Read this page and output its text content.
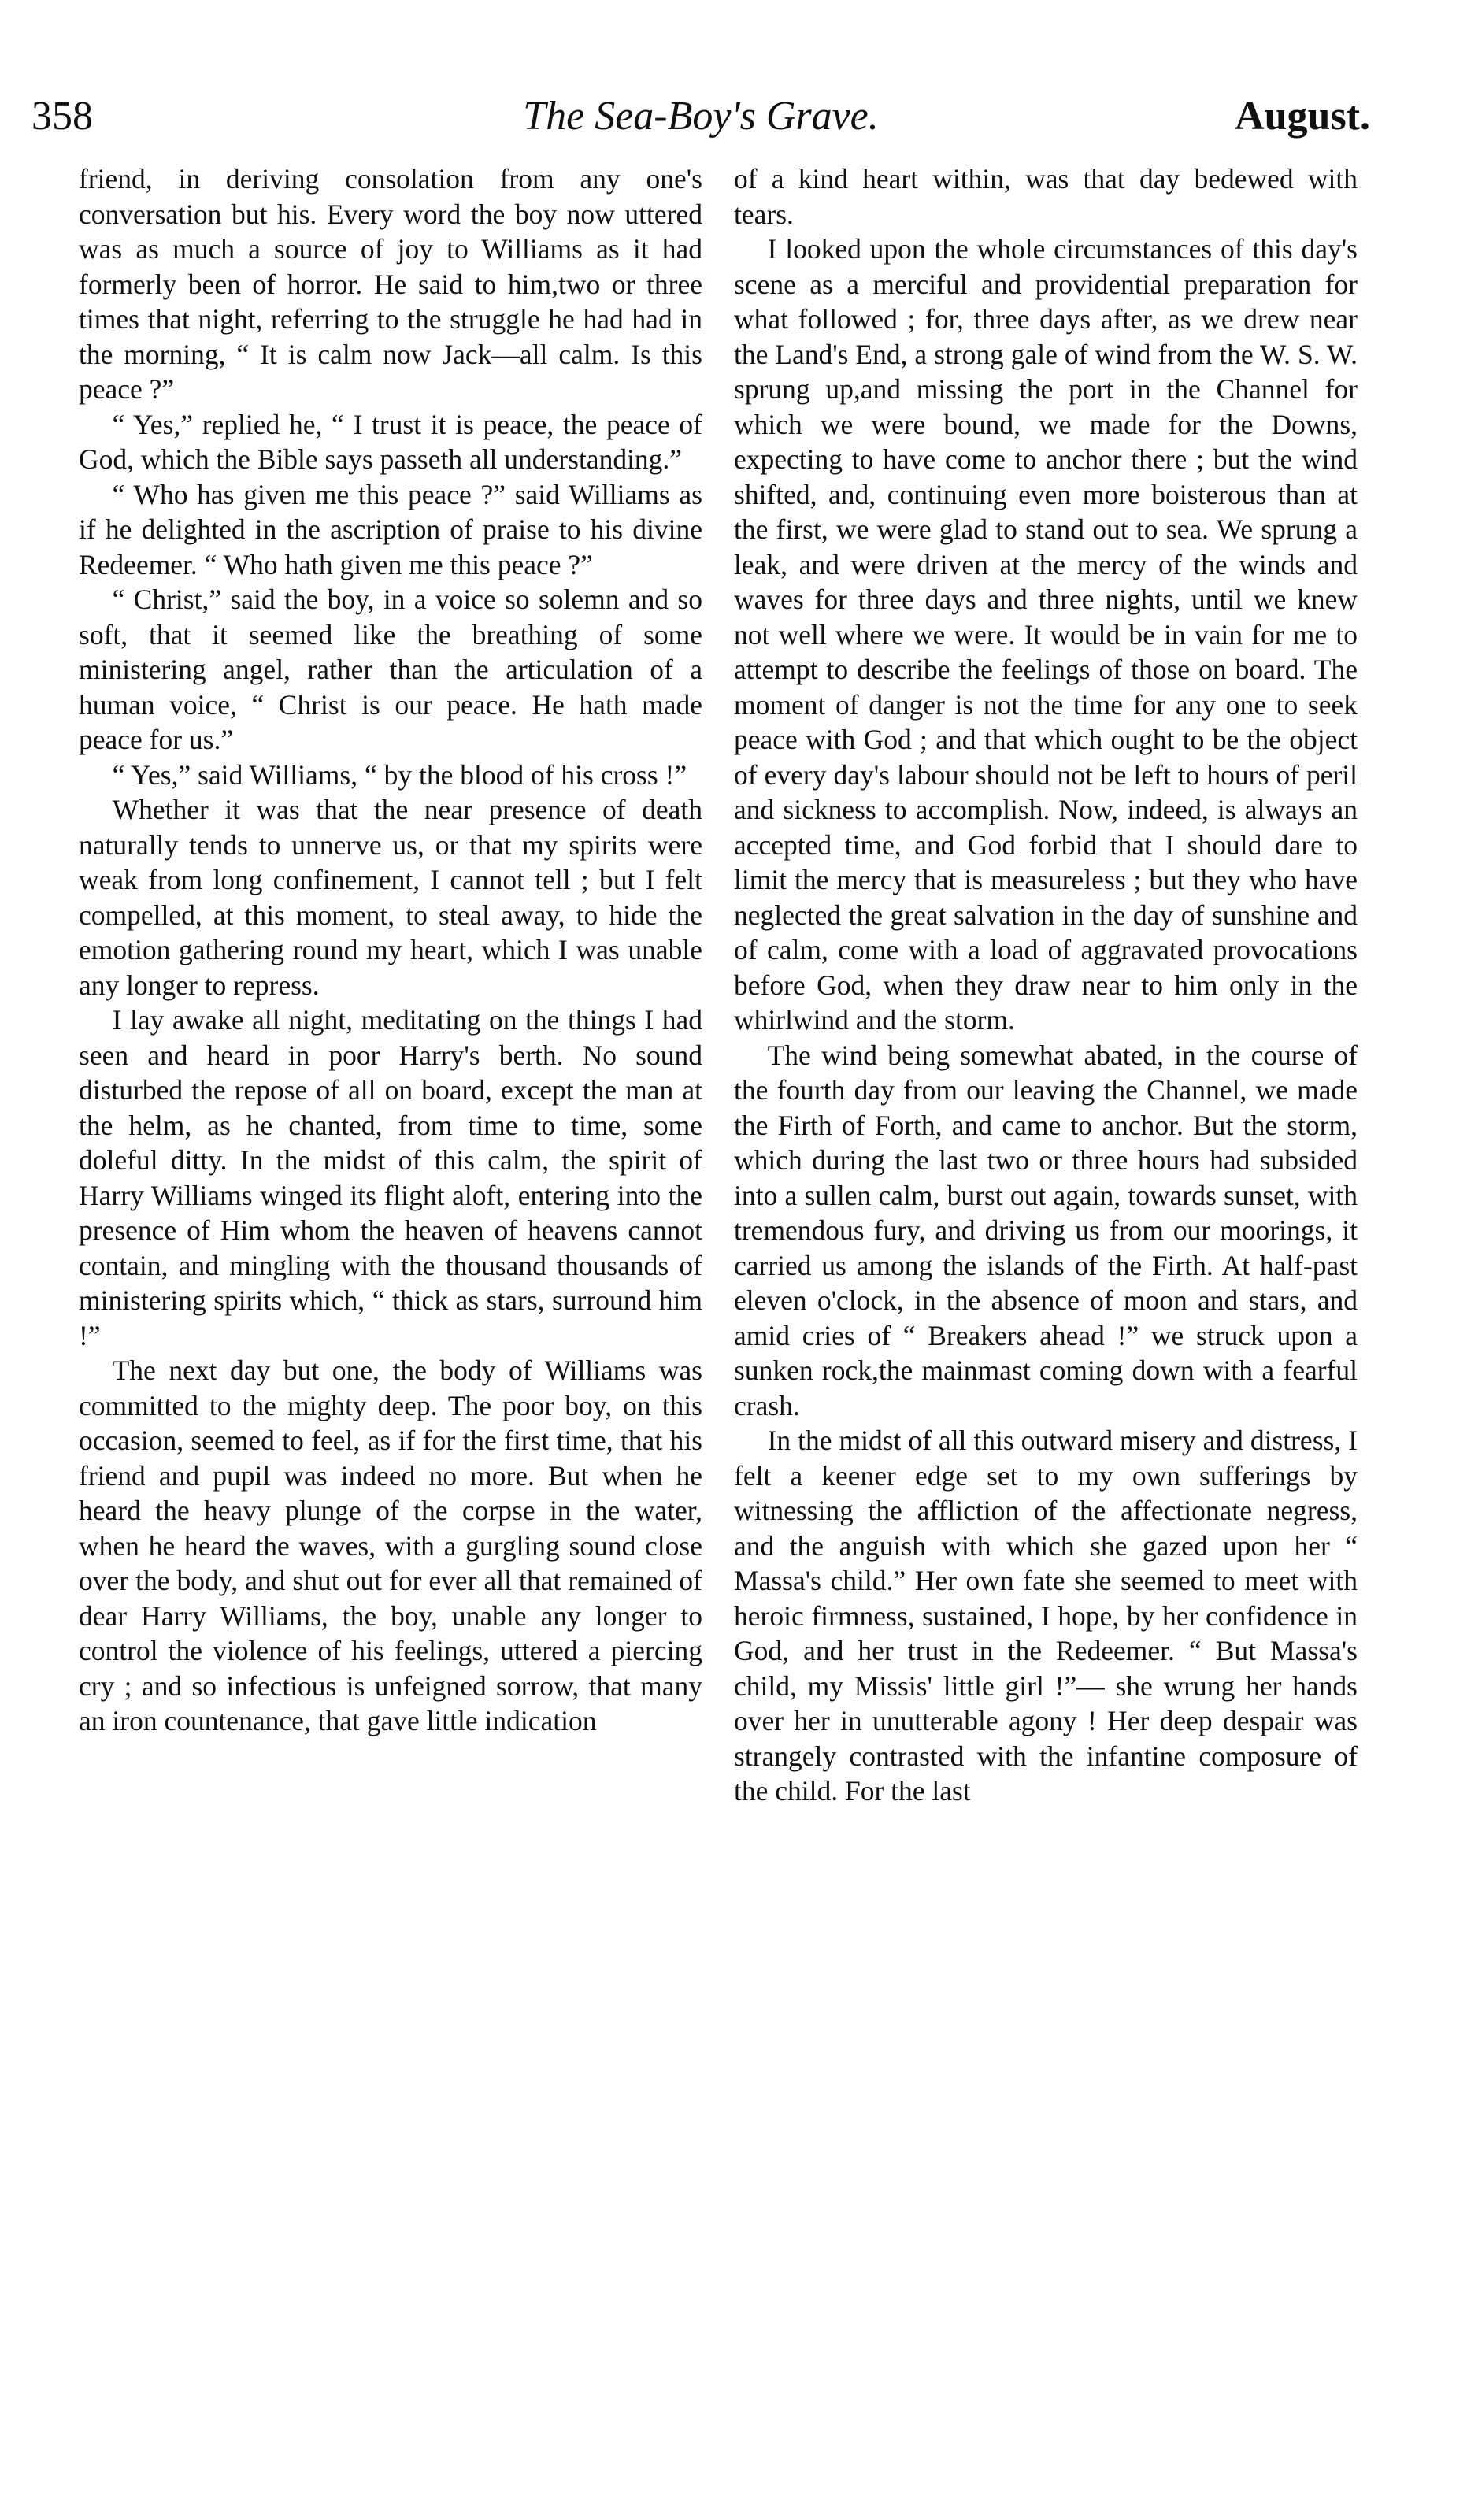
358	The Sea-Boy's Grave.	August.

friend, in deriving consolation from any one's conversation but his. Every word the boy now uttered was as much a source of joy to Williams as it had formerly been of horror. He said to him,two or three times that night, referring to the struggle he had had in the morning, “ It is calm now Jack—all calm. Is this peace ?”

“ Yes,” replied he, “ I trust it is peace, the peace of God, which the Bible says passeth all understanding.”

“ Who has given me this peace ?” said Williams as if he delighted in the ascription of praise to his divine Redeemer. “ Who hath given me this peace ?”

“ Christ,” said the boy, in a voice so solemn and so soft, that it seemed like the breathing of some ministering angel, rather than the articulation of a human voice, “ Christ is our peace. He hath made peace for us.”

“ Yes,” said Williams, “ by the blood of his cross !”

Whether it was that the near presence of death naturally tends to unnerve us, or that my spirits were weak from long confinement, I cannot tell ; but I felt compelled, at this moment, to steal away, to hide the emotion gathering round my heart, which I was unable any longer to repress.

I lay awake all night, meditating on the things I had seen and heard in poor Harry's berth. No sound disturbed the repose of all on board, except the man at the helm, as he chanted, from time to time, some doleful ditty. In the midst of this calm, the spirit of Harry Williams winged its flight aloft, entering into the presence of Him whom the heaven of heavens cannot contain, and mingling with the thousand thousands of ministering spirits which, “ thick as stars, surround him !”

The next day but one, the body of Williams was committed to the mighty deep. The poor boy, on this occasion, seemed to feel, as if for the first time, that his friend and pupil was indeed no more. But when he heard the heavy plunge of the corpse in the water, when he heard the waves, with a gurgling sound close over the body, and shut out for ever all that remained of dear Harry Williams, the boy, unable any longer to control the violence of his feelings, uttered a piercing cry ; and so infectious is unfeigned sorrow, that many an iron countenance, that gave little indication

of a kind heart within, was that day bedewed with tears.

I looked upon the whole circumstances of this day's scene as a merciful and providential preparation for what followed ; for, three days after, as we drew near the Land's End, a strong gale of wind from the W. S. W. sprung up,and missing the port in the Channel for which we were bound, we made for the Downs, expecting to have come to anchor there ; but the wind shifted, and, continuing even more boisterous than at the first, we were glad to stand out to sea. We sprung a leak, and were driven at the mercy of the winds and waves for three days and three nights, until we knew not well where we were. It would be in vain for me to attempt to describe the feelings of those on board. The moment of danger is not the time for any one to seek peace with God ; and that which ought to be the object of every day's labour should not be left to hours of peril and sickness to accomplish. Now, indeed, is always an accepted time, and God forbid that I should dare to limit the mercy that is measureless ; but they who have neglected the great salvation in the day of sunshine and of calm, come with a load of aggravated provocations before God, when they draw near to him only in the whirlwind and the storm.

The wind being somewhat abated, in the course of the fourth day from our leaving the Channel, we made the Firth of Forth, and came to anchor. But the storm, which during the last two or three hours had subsided into a sullen calm, burst out again, towards sunset, with tremendous fury, and driving us from our moorings, it carried us among the islands of the Firth. At half-past eleven o'clock, in the absence of moon and stars, and amid cries of “ Breakers ahead !” we struck upon a sunken rock,the mainmast coming down with a fearful crash.

In the midst of all this outward misery and distress, I felt a keener edge set to my own sufferings by witnessing the affliction of the affectionate negress, and the anguish with which she gazed upon her “ Massa's child.” Her own fate she seemed to meet with heroic firmness, sustained, I hope, by her confidence in God, and her trust in the Redeemer. “ But Massa's child, my Missis' little girl !”— she wrung her hands over her in unutterable agony ! Her deep despair was strangely contrasted with the infantine composure of the child. For the last
